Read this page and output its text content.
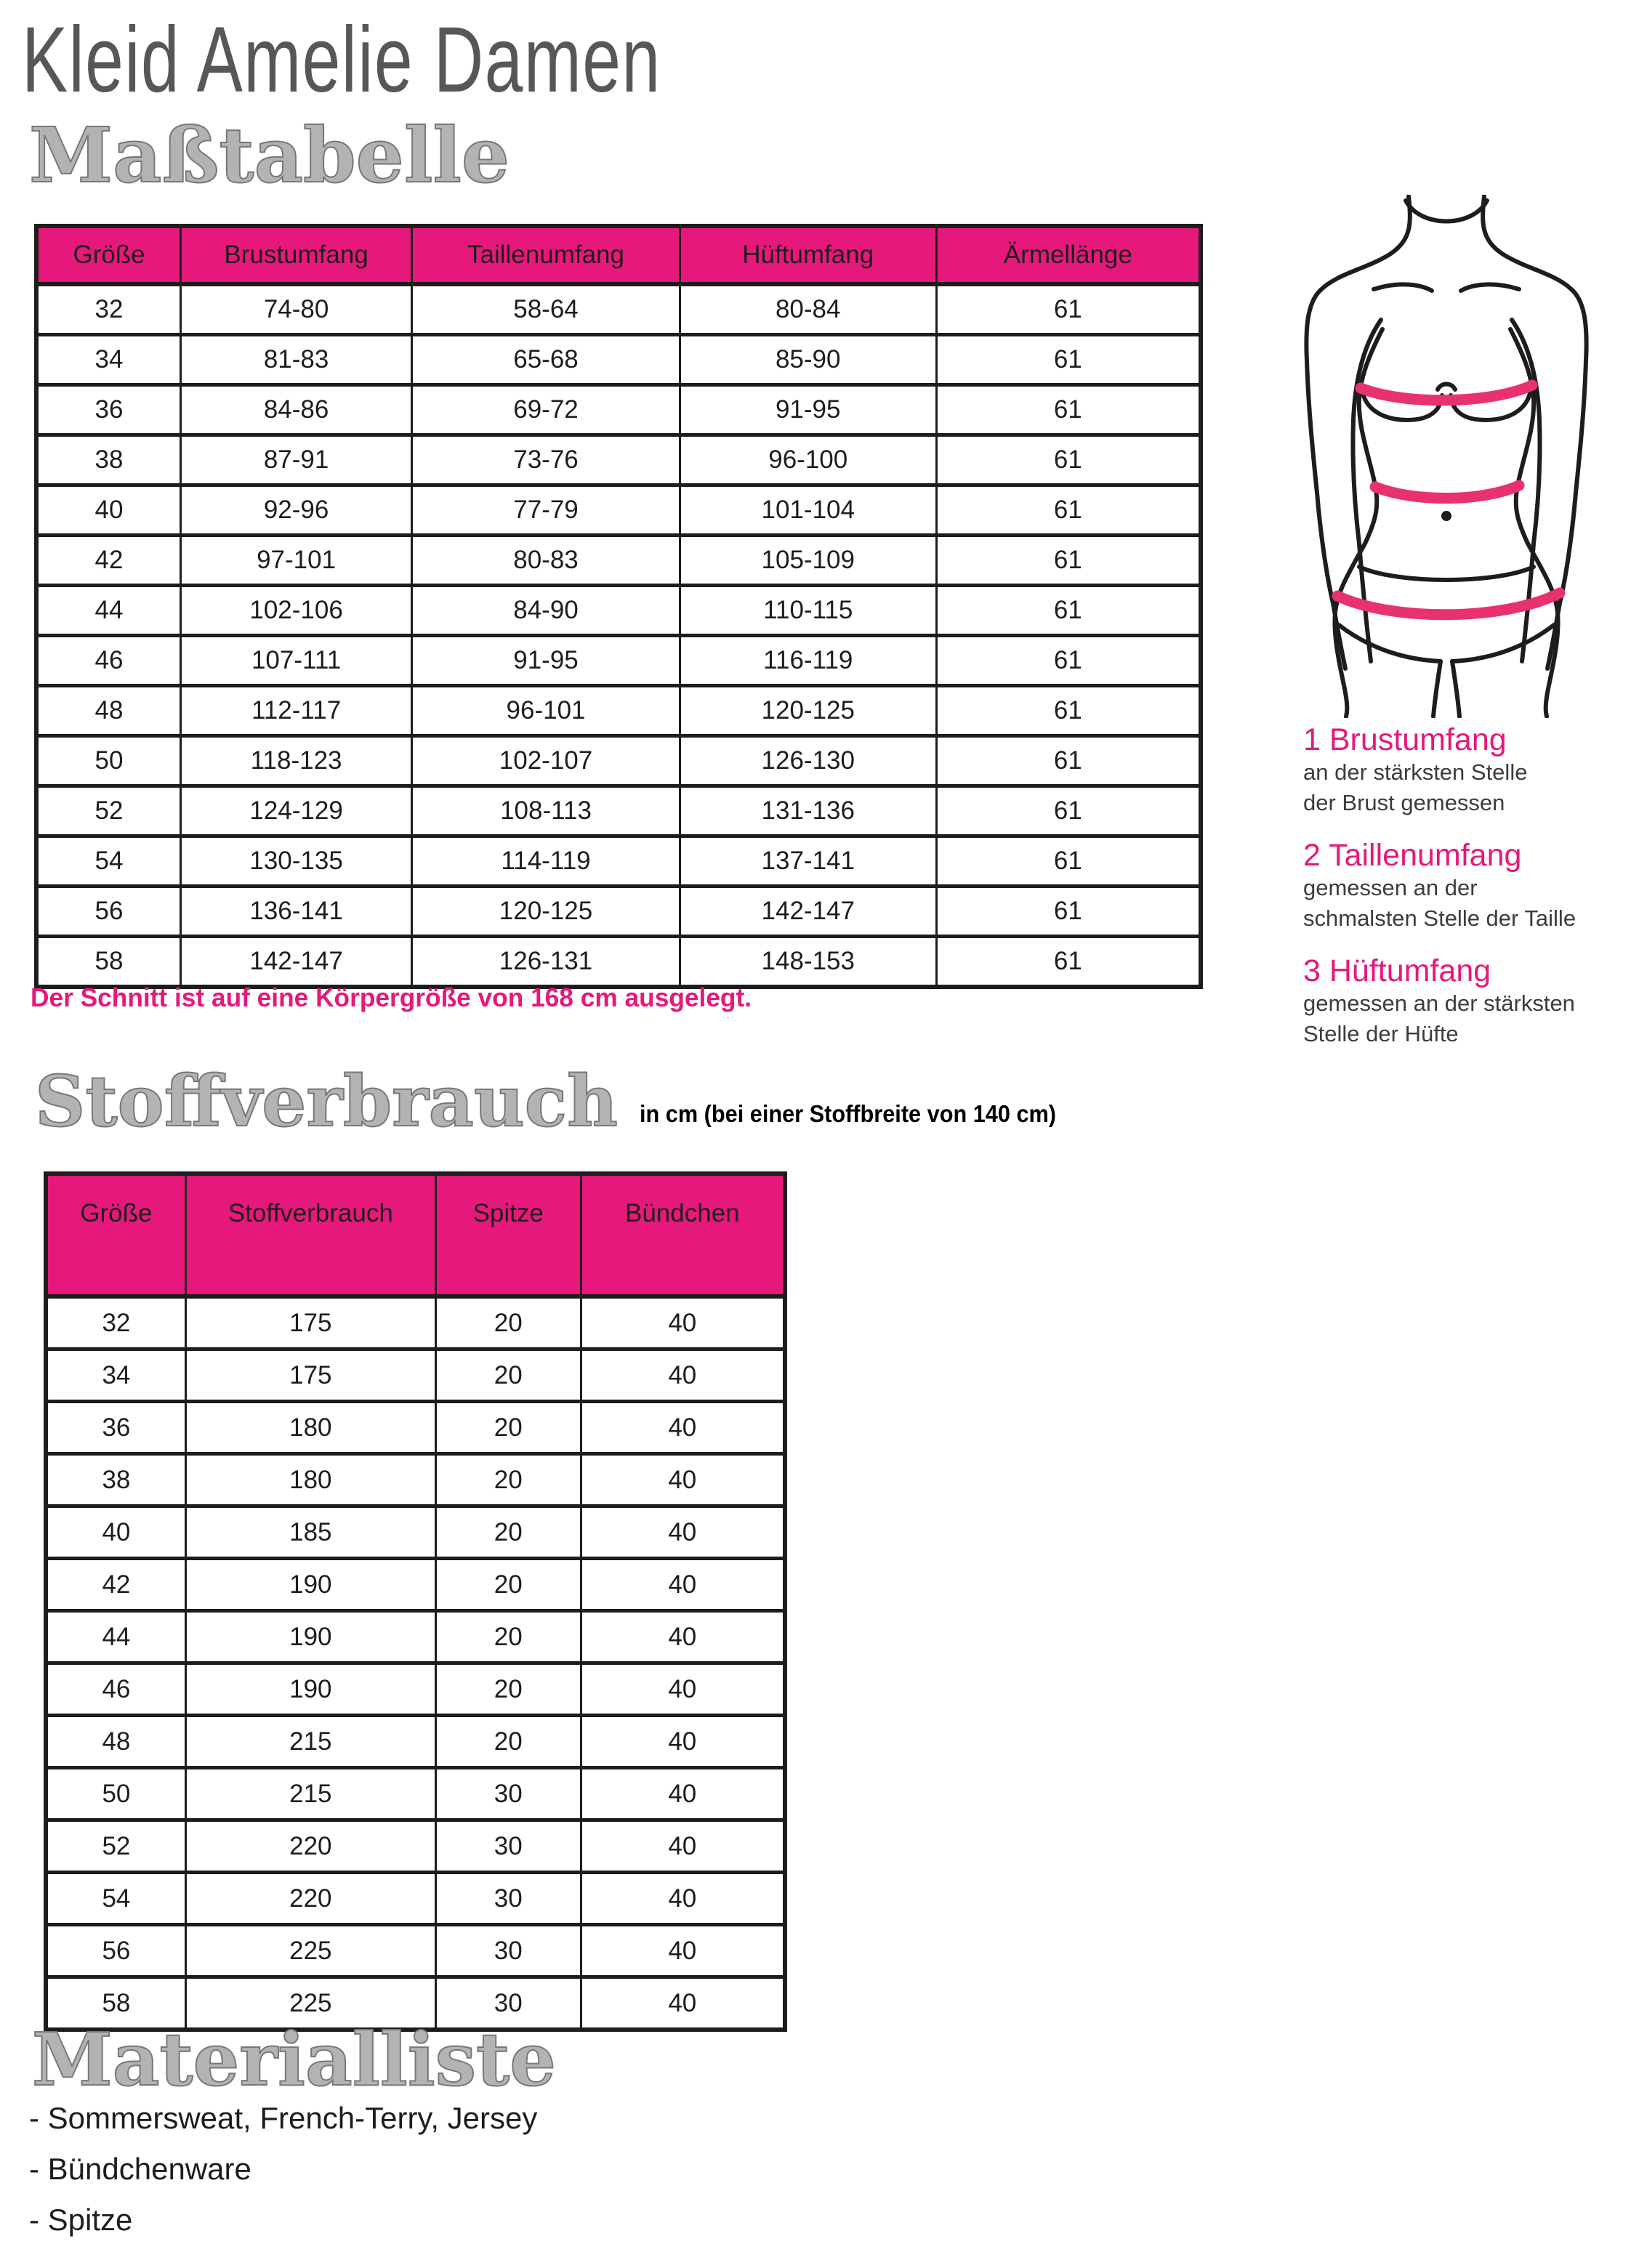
Kleid Amelie Damen
Maßtabelle
Größe	Brustumfang	Taillenumfang	Hüftumfang	Ärmellänge
32	74-80	58-64	80-84	61
34	81-83	65-68	85-90	61
36	84-86	69-72	91-95	61
38	87-91	73-76	96-100	61
40	92-96	77-79	101-104	61
42	97-101	80-83	105-109	61
44	102-106	84-90	110-115	61
46	107-111	91-95	116-119	61
48	112-117	96-101	120-125	61
50	118-123	102-107	126-130	61
52	124-129	108-113	131-136	61
54	130-135	114-119	137-141	61
56	136-141	120-125	142-147	61
58	142-147	126-131	148-153	61
1 Brustumfang
an der stärksten Stelle
der Brust gemessen
2 Taillenumfang
gemessen an der
schmalsten Stelle der Taille
3 Hüftumfang
gemessen an der stärksten
Stelle der Hüfte

Der Schnitt ist auf eine Körpergröße von 168 cm ausgelegt.

Stoffverbrauch in cm (bei einer Stoffbreite von 140 cm)
Größe	Stoffverbrauch	Spitze	Bündchen
32	175	20	40
34	175	20	40
36	180	20	40
38	180	20	40
40	185	20	40
42	190	20	40
44	190	20	40
46	190	20	40
48	215	20	40
50	215	30	40
52	220	30	40
54	220	30	40
56	225	30	40
58	225	30	40
Materialliste
- Sommersweat, French-Terry, Jersey
- Bündchenware
- Spitze
